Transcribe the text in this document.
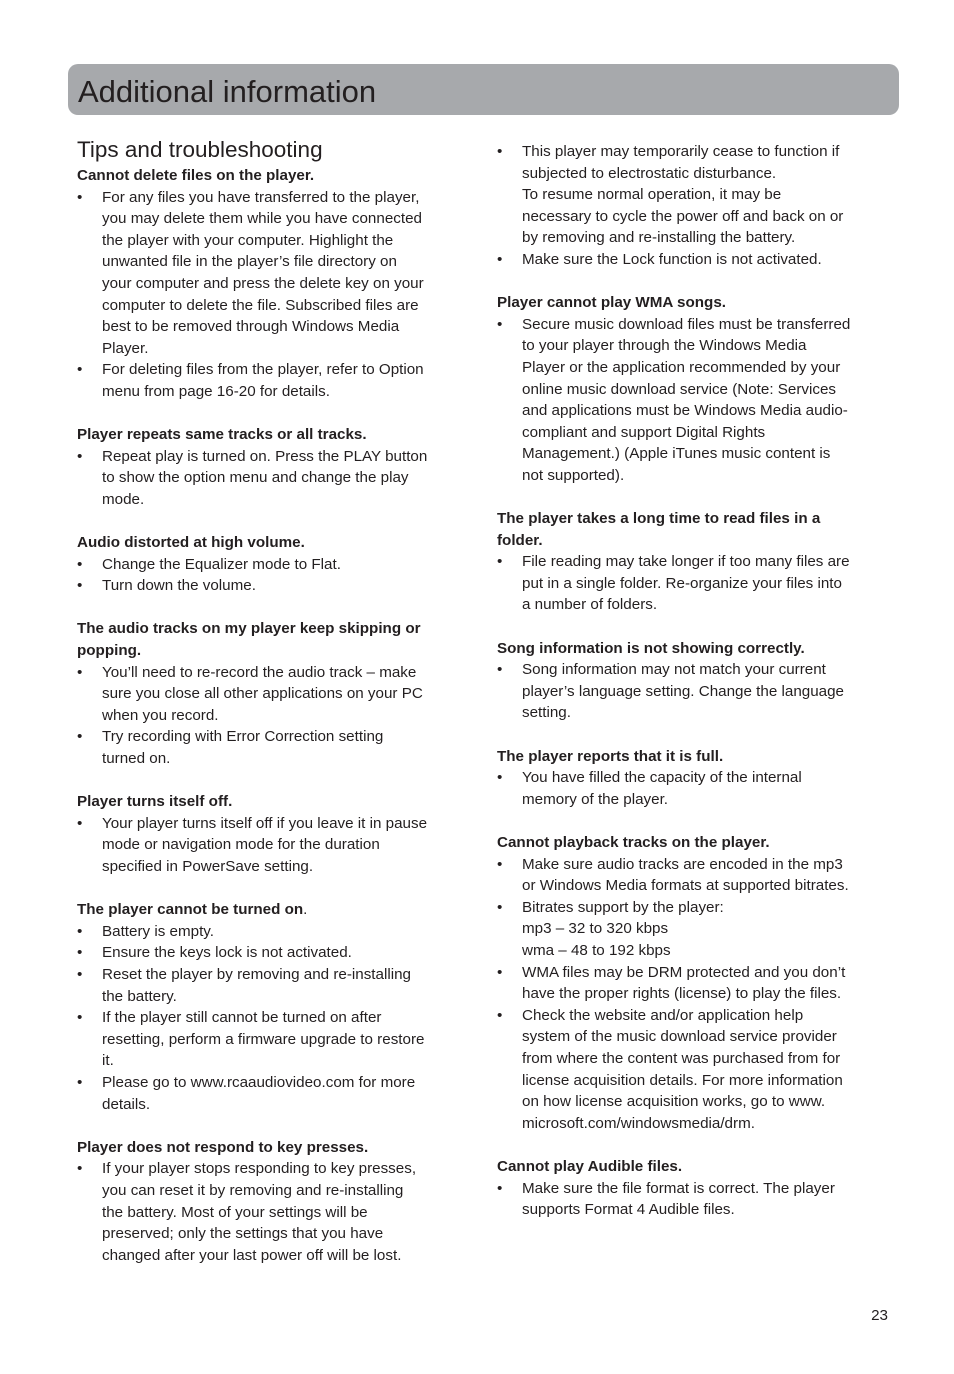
Additional information
Tips and troubleshooting
Cannot delete files on the player.
•	For any files you have transferred to the player,
you may delete them while you have connected
the player with your computer. Highlight the
unwanted file in the player’s file directory on
your computer and press the delete key on your
computer to delete the file. Subscribed files are
best to be removed through Windows Media
Player.
•	For deleting files from the player, refer to Option
menu from page 16-20 for details.
Player repeats same tracks or all tracks.
•	Repeat play is turned on. Press the PLAY button
to show the option menu and change the play
mode.
Audio distorted at high volume.
•	Change the Equalizer mode to Flat.
•	Turn down the volume.
The audio tracks on my player keep skipping or
popping.
•	You’ll need to re-record the audio track – make
sure you close all other applications on your PC
when you record.
•	Try recording with Error Correction setting
turned on.
Player turns itself off.
•	Your player turns itself off if you leave it in pause
mode or navigation mode for the duration
specified in PowerSave setting.
The player cannot be turned on.
•	Battery is empty.
•	Ensure the keys lock is not activated.
•	Reset the player by removing and re-installing
the battery.
•	If the player still cannot be turned on after
resetting, perform a firmware upgrade to restore
it.
•	Please go to www.rcaaudiovideo.com for more
details.
Player does not respond to key presses.
•	If your player stops responding to key presses,
you can reset it by removing and re-installing
the battery. Most of your settings will be
preserved; only the settings that you have
changed after your last power off will be lost.
•	This player may temporarily cease to function if
subjected to electrostatic disturbance.
To resume normal operation, it may be
necessary to cycle the power off and back on or
by removing and re-installing the battery.
•	Make sure the Lock function is not activated.
Player cannot play WMA songs.
•	Secure music download files must be transferred
to your player through the Windows Media
Player or the application recommended by your
online music download service (Note: Services
and applications must be Windows Media audio-
compliant and support Digital Rights
Management.) (Apple iTunes music content is
not supported).
The player takes a long time to read files in a
folder.
•	File reading may take longer if too many files are
put in a single folder. Re-organize your files into
a number of folders.
Song information is not showing correctly.
•	Song information may not match your current
player’s language setting. Change the language
setting.
The player reports that it is full.
•	You have filled the capacity of the internal
memory of the player.
Cannot playback tracks on the player.
•	Make sure audio tracks are encoded in the mp3
or Windows Media formats at supported bitrates.
•	Bitrates support by the player:
mp3 – 32 to 320 kbps
wma – 48 to 192 kbps
•	WMA files may be DRM protected and you don’t
have the proper rights (license) to play the files.
•	Check the website and/or application help
system of the music download service provider
from where the content was purchased from for
license acquisition details. For more information
on how license acquisition works, go to www.
microsoft.com/windowsmedia/drm.
Cannot play Audible files.
•	Make sure the file format is correct. The player
supports Format 4 Audible files.
23
